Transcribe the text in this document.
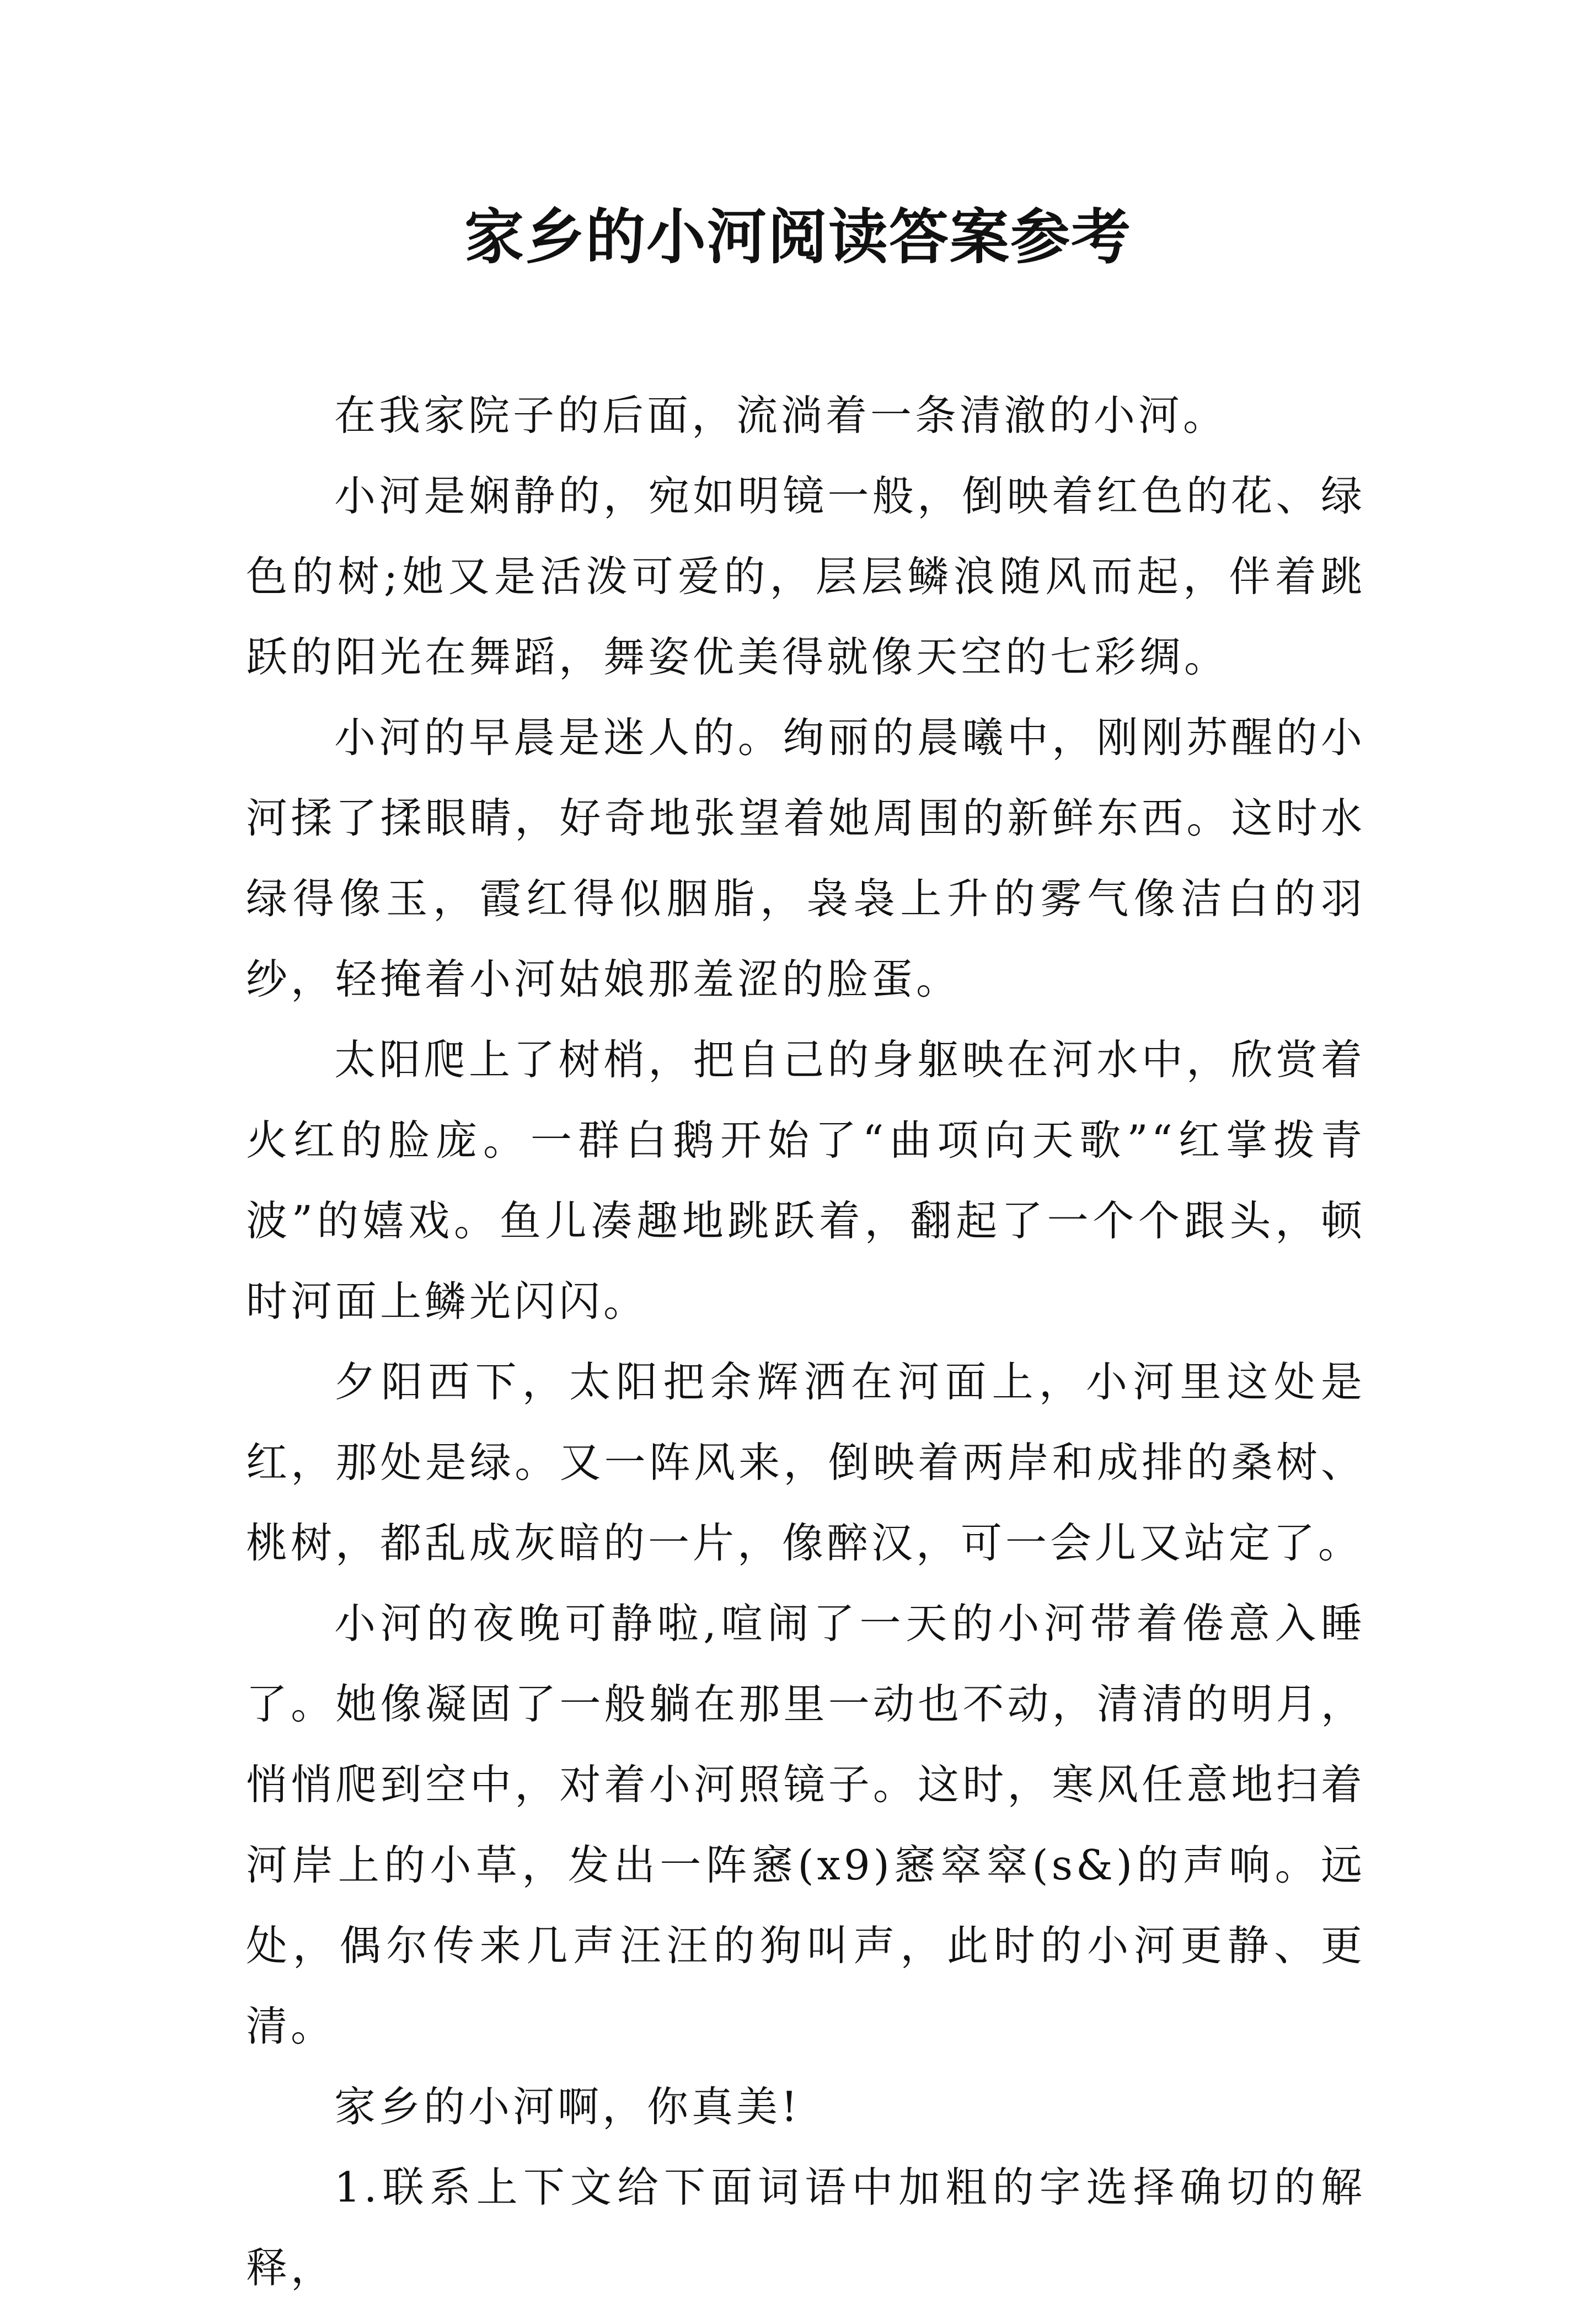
家乡的小河阅读答案参考

在我家院子的后面，流淌着一条清澈的小河。

小河是娴静的，宛如明镜一般，倒映着红色的花、绿色的树;她又是活泼可爱的，层层鳞浪随风而起，伴着跳跃的阳光在舞蹈，舞姿优美得就像天空的七彩绸。

小河的早晨是迷人的。绚丽的晨曦中，刚刚苏醒的小河揉了揉眼睛，好奇地张望着她周围的新鲜东西。这时水绿得像玉，霞红得似胭脂，袅袅上升的雾气像洁白的羽纱，轻掩着小河姑娘那羞涩的脸蛋。

太阳爬上了树梢，把自己的身躯映在河水中，欣赏着火红的脸庞。一群白鹅开始了“曲项向天歌”“红掌拨青波”的嬉戏。鱼儿凑趣地跳跃着，翻起了一个个跟头，顿时河面上鳞光闪闪。

夕阳西下，太阳把余辉洒在河面上，小河里这处是红，那处是绿。又一阵风来，倒映着两岸和成排的桑树、桃树，都乱成灰暗的一片，像醉汉，可一会儿又站定了。

小河的夜晚可静啦,喧闹了一天的小河带着倦意入睡了。她像凝固了一般躺在那里一动也不动，清清的明月，悄悄爬到空中，对着小河照镜子。这时，寒风任意地扫着河岸上的小草，发出一阵窸(x9)窸窣窣(s&)的声响。远处，偶尔传来几声汪汪的狗叫声，此时的小河更静、更清。

家乡的小河啊，你真美!

1.联系上下文给下面词语中加粗的字选择确切的解释，
